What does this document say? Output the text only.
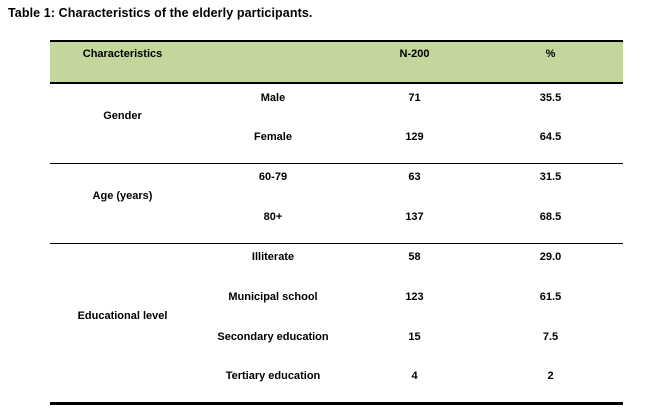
Table 1: Characteristics of the elderly participants.
Characteristics		N-200	%
Gender	Male	71	35.5
	Female	129	64.5
Age (years)	60-79	63	31.5
	80+	137	68.5
Educational level	Illiterate	58	29.0
	Municipal school	123	61.5
	Secondary education	15	7.5
	Tertiary education	4	2
